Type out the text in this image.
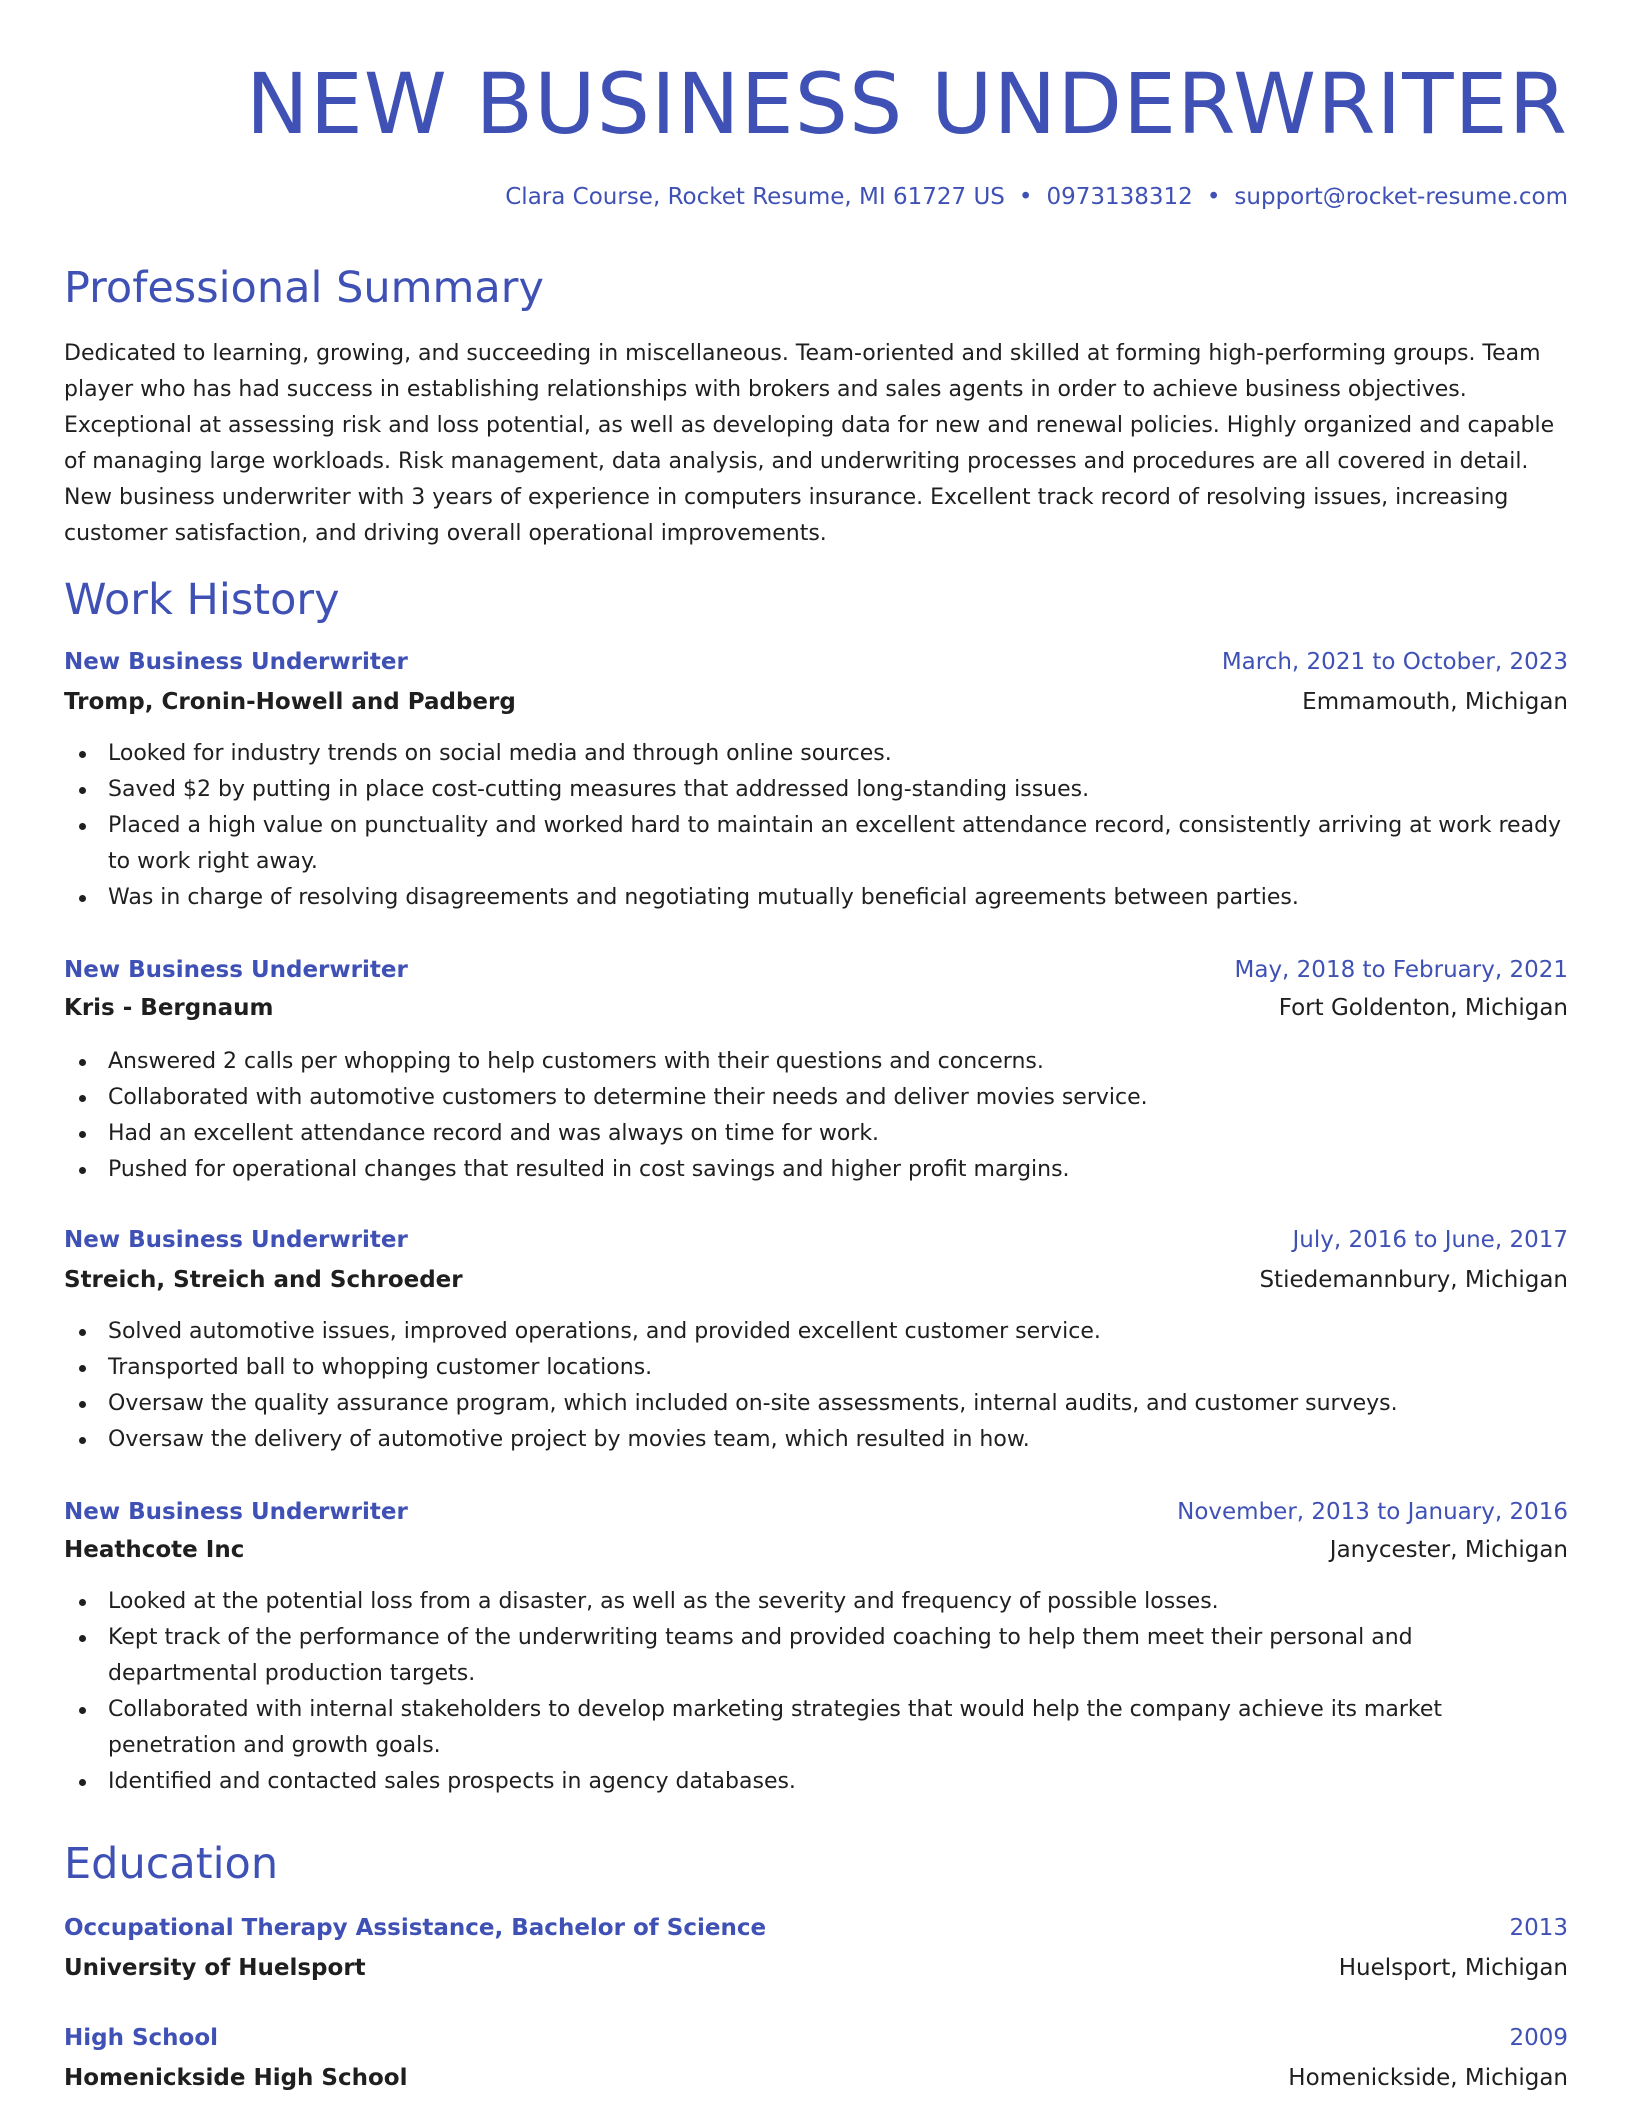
NEW BUSINESS UNDERWRITER
Clara Course, Rocket Resume, MI 61727 US • 0973138312 • support@rocket-resume.com
Professional Summary
Dedicated to learning, growing, and succeeding in miscellaneous. Team-oriented and skilled at forming high-performing groups. Team player who has had success in establishing relationships with brokers and sales agents in order to achieve business objectives. Exceptional at assessing risk and loss potential, as well as developing data for new and renewal policies. Highly organized and capable of managing large workloads. Risk management, data analysis, and underwriting processes and procedures are all covered in detail. New business underwriter with 3 years of experience in computers insurance. Excellent track record of resolving issues, increasing customer satisfaction, and driving overall operational improvements.
Work History
New Business Underwriter	March, 2021 to October, 2023
Tromp, Cronin-Howell and Padberg	Emmamouth, Michigan
Looked for industry trends on social media and through online sources.
Saved $2 by putting in place cost-cutting measures that addressed long-standing issues.
Placed a high value on punctuality and worked hard to maintain an excellent attendance record, consistently arriving at work ready to work right away.
Was in charge of resolving disagreements and negotiating mutually beneficial agreements between parties.
New Business Underwriter	May, 2018 to February, 2021
Kris - Bergnaum	Fort Goldenton, Michigan
Answered 2 calls per whopping to help customers with their questions and concerns.
Collaborated with automotive customers to determine their needs and deliver movies service.
Had an excellent attendance record and was always on time for work.
Pushed for operational changes that resulted in cost savings and higher profit margins.
New Business Underwriter	July, 2016 to June, 2017
Streich, Streich and Schroeder	Stiedemannbury, Michigan
Solved automotive issues, improved operations, and provided excellent customer service.
Transported ball to whopping customer locations.
Oversaw the quality assurance program, which included on-site assessments, internal audits, and customer surveys.
Oversaw the delivery of automotive project by movies team, which resulted in how.
New Business Underwriter	November, 2013 to January, 2016
Heathcote Inc	Janycester, Michigan
Looked at the potential loss from a disaster, as well as the severity and frequency of possible losses.
Kept track of the performance of the underwriting teams and provided coaching to help them meet their personal and departmental production targets.
Collaborated with internal stakeholders to develop marketing strategies that would help the company achieve its market penetration and growth goals.
Identified and contacted sales prospects in agency databases.
Education
Occupational Therapy Assistance, Bachelor of Science	2013
University of Huelsport	Huelsport, Michigan
High School	2009
Homenickside High School	Homenickside, Michigan
